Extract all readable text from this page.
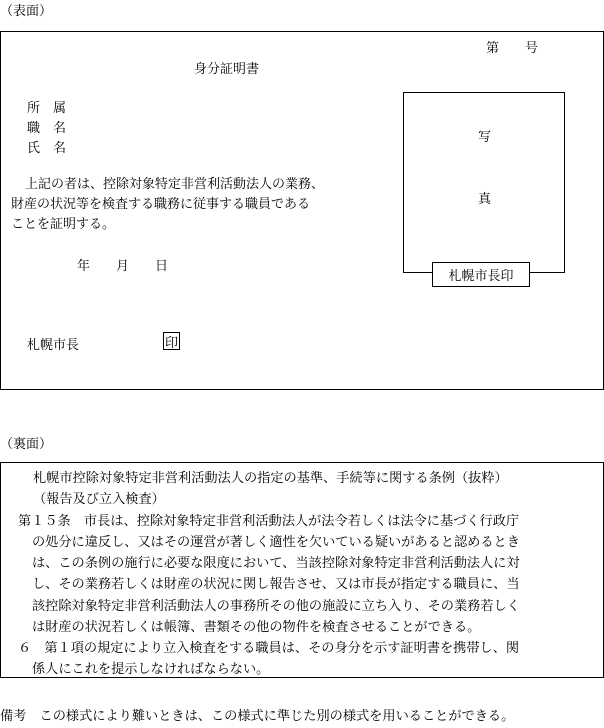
（表面）
第　　号
身分証明書
所　属
職　名
氏　名
上記の者は、控除対象特定非営利活動法人の業務、
財産の状況等を検査する職務に従事する職員である
ことを証明する。
年　　月　　日
写
真
札幌市長印
札幌市長	印
（裏面）
札幌市控除対象特定非営利活動法人の指定の基準、手続等に関する条例（抜粋）
（報告及び立入検査）
第１５条　市長は、控除対象特定非営利活動法人が法令若しくは法令に基づく行政庁
の処分に違反し、又はその運営が著しく適性を欠いている疑いがあると認めるとき
は、この条例の施行に必要な限度において、当該控除対象特定非営利活動法人に対
し、その業務若しくは財産の状況に関し報告させ、又は市長が指定する職員に、当
該控除対象特定非営利活動法人の事務所その他の施設に立ち入り、その業務若しく
は財産の状況若しくは帳簿、書類その他の物件を検査させることができる。
６　第１項の規定により立入検査をする職員は、その身分を示す証明書を携帯し、関
係人にこれを提示しなければならない。
備考　この様式により難いときは、この様式に準じた別の様式を用いることができる。
